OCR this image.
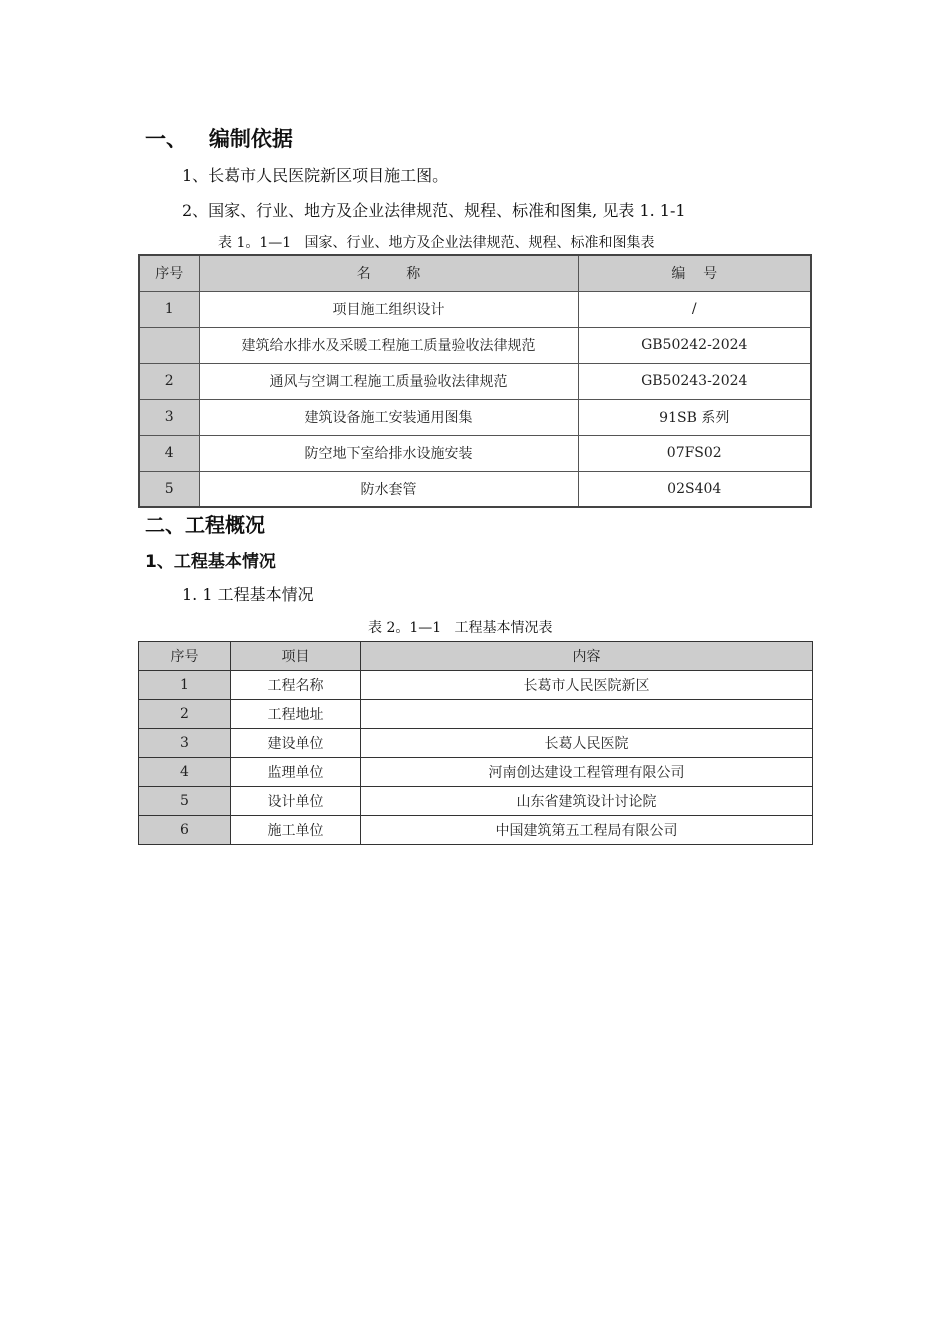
一、   编制依据
1、长葛市人民医院新区项目施工图。
2、国家、行业、地方及企业法律规范、规程、标准和图集, 见表 1. 1-1
表 1。1—1   国家、行业、地方及企业法律规范、规程、标准和图集表
序号	名        称	编    号
1	项目施工组织设计	/
	建筑给水排水及采暖工程施工质量验收法律规范	GB50242-2024
2	通风与空调工程施工质量验收法律规范	GB50243-2024
3	建筑设备施工安装通用图集	91SB 系列
4	防空地下室给排水设施安装	07FS02
5	防水套管	02S404
二、工程概况
1、工程基本情况
1. 1 工程基本情况
表 2。1—1   工程基本情况表
序号	项目	内容
1	工程名称	长葛市人民医院新区
2	工程地址	
3	建设单位	长葛人民医院
4	监理单位	河南创达建设工程管理有限公司
5	设计单位	山东省建筑设计讨论院
6	施工单位	中国建筑第五工程局有限公司
